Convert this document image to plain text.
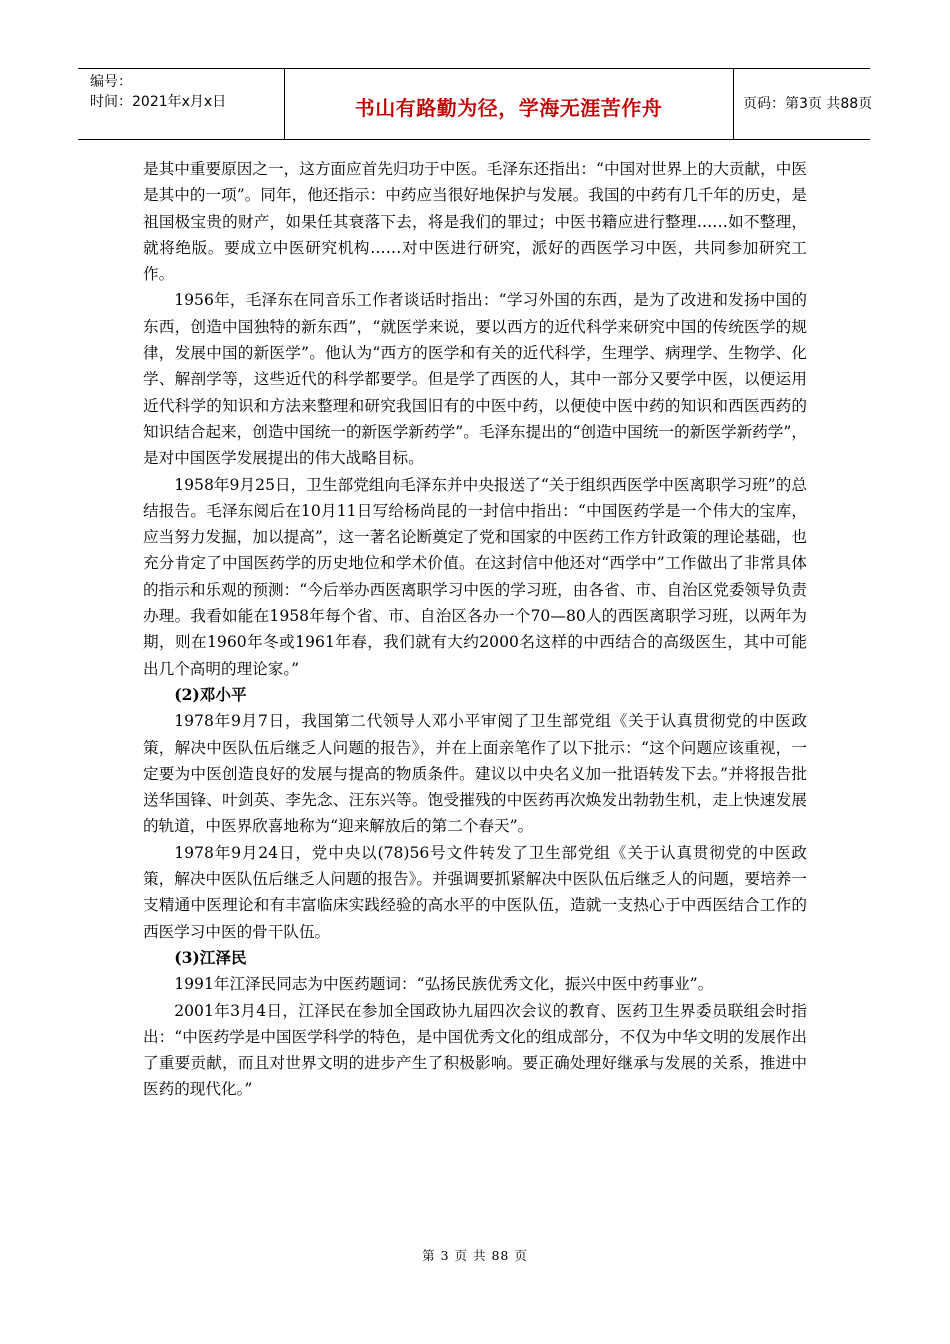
编号：
时间：2021年x月x日	书山有路勤为径，学海无涯苦作舟	页码：第3页 共88页

是其中重要原因之一，这方面应首先归功于中医。毛泽东还指出：“中国对世界上的大贡献，中医是其中的一项”。同年，他还指示：中药应当很好地保护与发展。我国的中药有几千年的历史，是祖国极宝贵的财产，如果任其衰落下去，将是我们的罪过；中医书籍应进行整理……如不整理，就将绝版。要成立中医研究机构……对中医进行研究，派好的西医学习中医，共同参加研究工作。

1956年，毛泽东在同音乐工作者谈话时指出：“学习外国的东西，是为了改进和发扬中国的东西，创造中国独特的新东西”，“就医学来说，要以西方的近代科学来研究中国的传统医学的规律，发展中国的新医学”。他认为“西方的医学和有关的近代科学，生理学、病理学、生物学、化学、解剖学等，这些近代的科学都要学。但是学了西医的人，其中一部分又要学中医，以便运用近代科学的知识和方法来整理和研究我国旧有的中医中药，以便使中医中药的知识和西医西药的知识结合起来，创造中国统一的新医学新药学”。毛泽东提出的“创造中国统一的新医学新药学”，是对中国医学发展提出的伟大战略目标。

1958年9月25日，卫生部党组向毛泽东并中央报送了“关于组织西医学中医离职学习班”的总结报告。毛泽东阅后在10月11日写给杨尚昆的一封信中指出：“中国医药学是一个伟大的宝库，应当努力发掘，加以提高”，这一著名论断奠定了党和国家的中医药工作方针政策的理论基础，也充分肯定了中国医药学的历史地位和学术价值。在这封信中他还对“西学中”工作做出了非常具体的指示和乐观的预测：“今后举办西医离职学习中医的学习班，由各省、市、自治区党委领导负责办理。我看如能在1958年每个省、市、自治区各办一个70—80人的西医离职学习班，以两年为期，则在1960年冬或1961年春，我们就有大约2000名这样的中西结合的高级医生，其中可能出几个高明的理论家。”

(2)邓小平

1978年9月7日，我国第二代领导人邓小平审阅了卫生部党组《关于认真贯彻党的中医政策，解决中医队伍后继乏人问题的报告》，并在上面亲笔作了以下批示：“这个问题应该重视，一定要为中医创造良好的发展与提高的物质条件。建议以中央名义加一批语转发下去。”并将报告批送华国锋、叶剑英、李先念、汪东兴等。饱受摧残的中医药再次焕发出勃勃生机，走上快速发展的轨道，中医界欣喜地称为“迎来解放后的第二个春天”。

1978年9月24日，党中央以(78)56号文件转发了卫生部党组《关于认真贯彻党的中医政策，解决中医队伍后继乏人问题的报告》。并强调要抓紧解决中医队伍后继乏人的问题，要培养一支精通中医理论和有丰富临床实践经验的高水平的中医队伍，造就一支热心于中西医结合工作的西医学习中医的骨干队伍。

(3)江泽民

1991年江泽民同志为中医药题词：“弘扬民族优秀文化，振兴中医中药事业”。

2001年3月4日，江泽民在参加全国政协九届四次会议的教育、医药卫生界委员联组会时指出：“中医药学是中国医学科学的特色，是中国优秀文化的组成部分，不仅为中华文明的发展作出了重要贡献，而且对世界文明的进步产生了积极影响。要正确处理好继承与发展的关系，推进中医药的现代化。”

第 3 页 共 88 页
